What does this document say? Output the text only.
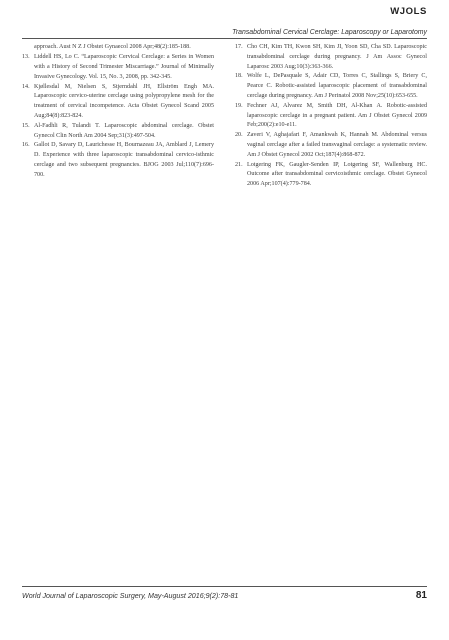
WJOLS
Transabdominal Cervical Cerclage: Laparoscopy or Laparotomy
approach. Aust N Z J Obstet Gynaecol 2008 Apr;48(2):185-188.
13. Liddell HS, Lo C. “Laparoscopic Cervical Cerclage: a Series in Women with a History of Second Trimester Miscarriage.” Journal of Minimally Invasive Gynecology. Vol. 15, No. 3, 2008, pp. 342-345.
14. Kjøllesdal M, Nielsen S, Stjerndahl JH, Ellström Engh MA. Laparoscopic cervico-uterine cerclage using polypropylene mesh for the treatment of cervical incompetence. Acta Obstet Gynecol Scand 2005 Aug;84(8):823-824.
15. Al-Fadhli R, Tulandi T. Laparoscopic abdominal cerclage. Obstet Gynecol Clin North Am 2004 Sep;31(3):497-504.
16. Gallot D, Savary D, Laurichesse H, Bournazeau JA, Amblard J, Lemery D. Experience with three laparoscopic transabdominal cervico-isthmic cerclage and two subsequent pregnancies. BJOG 2003 Jul;110(7):696-700.
17. Cho CH, Kim TH, Kwon SH, Kim JI, Yoon SD, Cha SD. Laparoscopic transabdominal cerclage during pregnancy. J Am Assoc Gynecol Laparosc 2003 Aug;10(3):363-366.
18. Wolfe L, DePasquale S, Adair CD, Torres C, Stallings S, Briery C, Pearce C. Robotic-assisted laparoscopic placement of transabdominal cerclage during pregnancy. Am J Perinatol 2008 Nov;25(10):653-655.
19. Fechner AJ, Alvarez M, Smith DH, Al-Khan A. Robotic-assisted laparoscopic cerclage in a pregnant patient. Am J Obstet Gynecol 2009 Feb;200(2):e10-e11.
20. Zaveri V, Aghajafari F, Amankwah K, Hannah M. Abdominal versus vaginal cerclage after a failed transvaginal cerclage: a systematic review. Am J Obstet Gynecol 2002 Oct;187(4):868-872.
21. Lotgering FK, Gaugler-Senden IP, Lotgering SF, Wallenburg HC. Outcome after transabdominal cervicoisthmic cerclage. Obstet Gynecol 2006 Apr;107(4):779-784.
World Journal of Laparoscopic Surgery, May-August 2016;9(2):78-81	81
